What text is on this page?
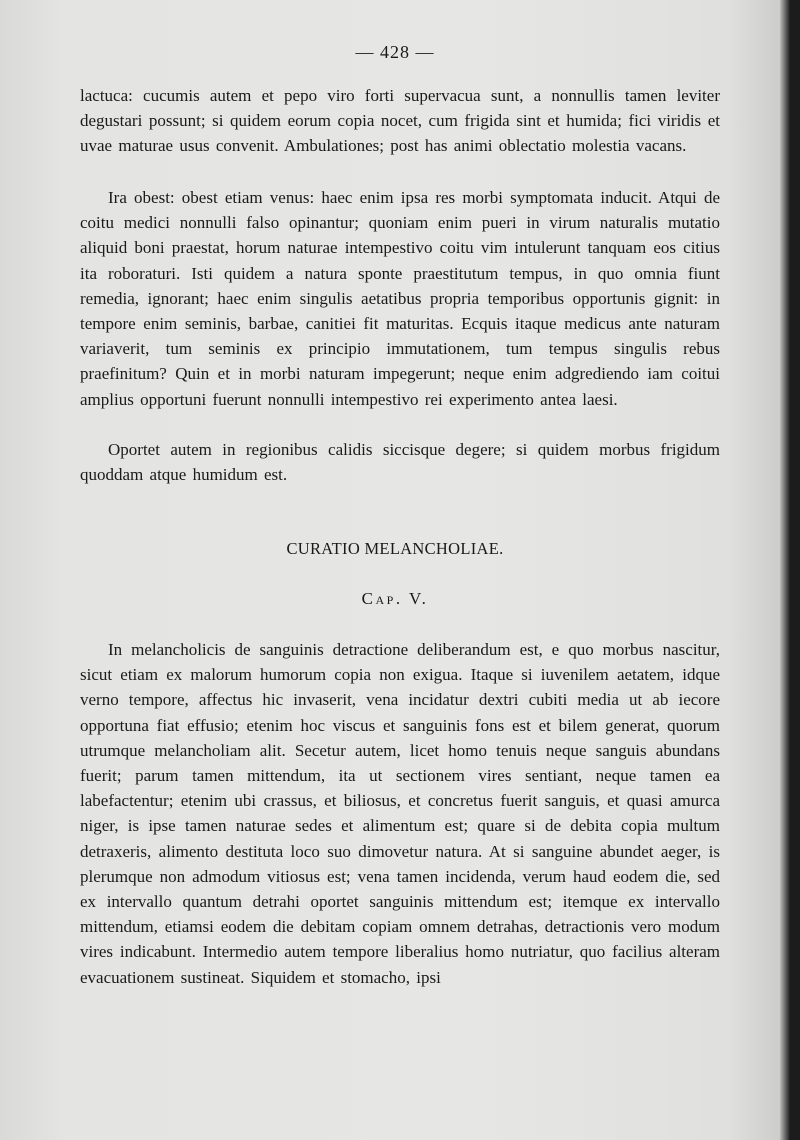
— 428 —

lactuca: cucumis autem et pepo viro forti supervacua sunt, a nonnullis tamen leviter degustari possunt; si quidem eorum copia nocet, cum frigida sint et humida; fici viridis et uvae maturae usus convenit. Ambulationes; post has animi oblectatio molestia vacans.

Ira obest: obest etiam venus: haec enim ipsa res morbi symptomata inducit. Atqui de coitu medici nonnulli falso opinantur; quoniam enim pueri in virum naturalis mutatio aliquid boni praestat, horum naturae intempestivo coitu vim intulerunt tanquam eos citius ita roboraturi. Isti quidem a natura sponte praestitutum tempus, in quo omnia fiunt remedia, ignorant; haec enim singulis aetatibus propria temporibus opportunis gignit: in tempore enim seminis, barbae, canitiei fit maturitas. Ecquis itaque medicus ante naturam variaverit, tum seminis ex principio immutationem, tum tempus singulis rebus praefinitum? Quin et in morbi naturam impegerunt; neque enim adgrediendo iam coitui amplius opportuni fuerunt nonnulli intempestivo rei experimento antea laesi.

Oportet autem in regionibus calidis siccisque degere; si quidem morbus frigidum quoddam atque humidum est.

CURATIO MELANCHOLIAE.
Cap. V.

In melancholicis de sanguinis detractione deliberandum est, e quo morbus nascitur, sicut etiam ex malorum humorum copia non exigua. Itaque si iuvenilem aetatem, idque verno tempore, affectus hic invaserit, vena incidatur dextri cubiti media ut ab iecore opportuna fiat effusio; etenim hoc viscus et sanguinis fons est et bilem generat, quorum utrumque melancholiam alit. Secetur autem, licet homo tenuis neque sanguis abundans fuerit; parum tamen mittendum, ita ut sectionem vires sentiant, neque tamen ea labefactentur; etenim ubi crassus, et biliosus, et concretus fuerit sanguis, et quasi amurca niger, is ipse tamen naturae sedes et alimentum est; quare si de debita copia multum detraxeris, alimento destituta loco suo dimovetur natura. At si sanguine abundet aeger, is plerumque non admodum vitiosus est; vena tamen incidenda, verum haud eodem die, sed ex intervallo quantum detrahi oportet sanguinis mittendum est; itemque ex intervallo mittendum, etiamsi eodem die debitam copiam omnem detrahas, detractionis vero modum vires indicabunt. Intermedio autem tempore liberalius homo nutriatur, quo facilius alteram evacuationem sustineat. Siquidem et stomacho, ipsi
